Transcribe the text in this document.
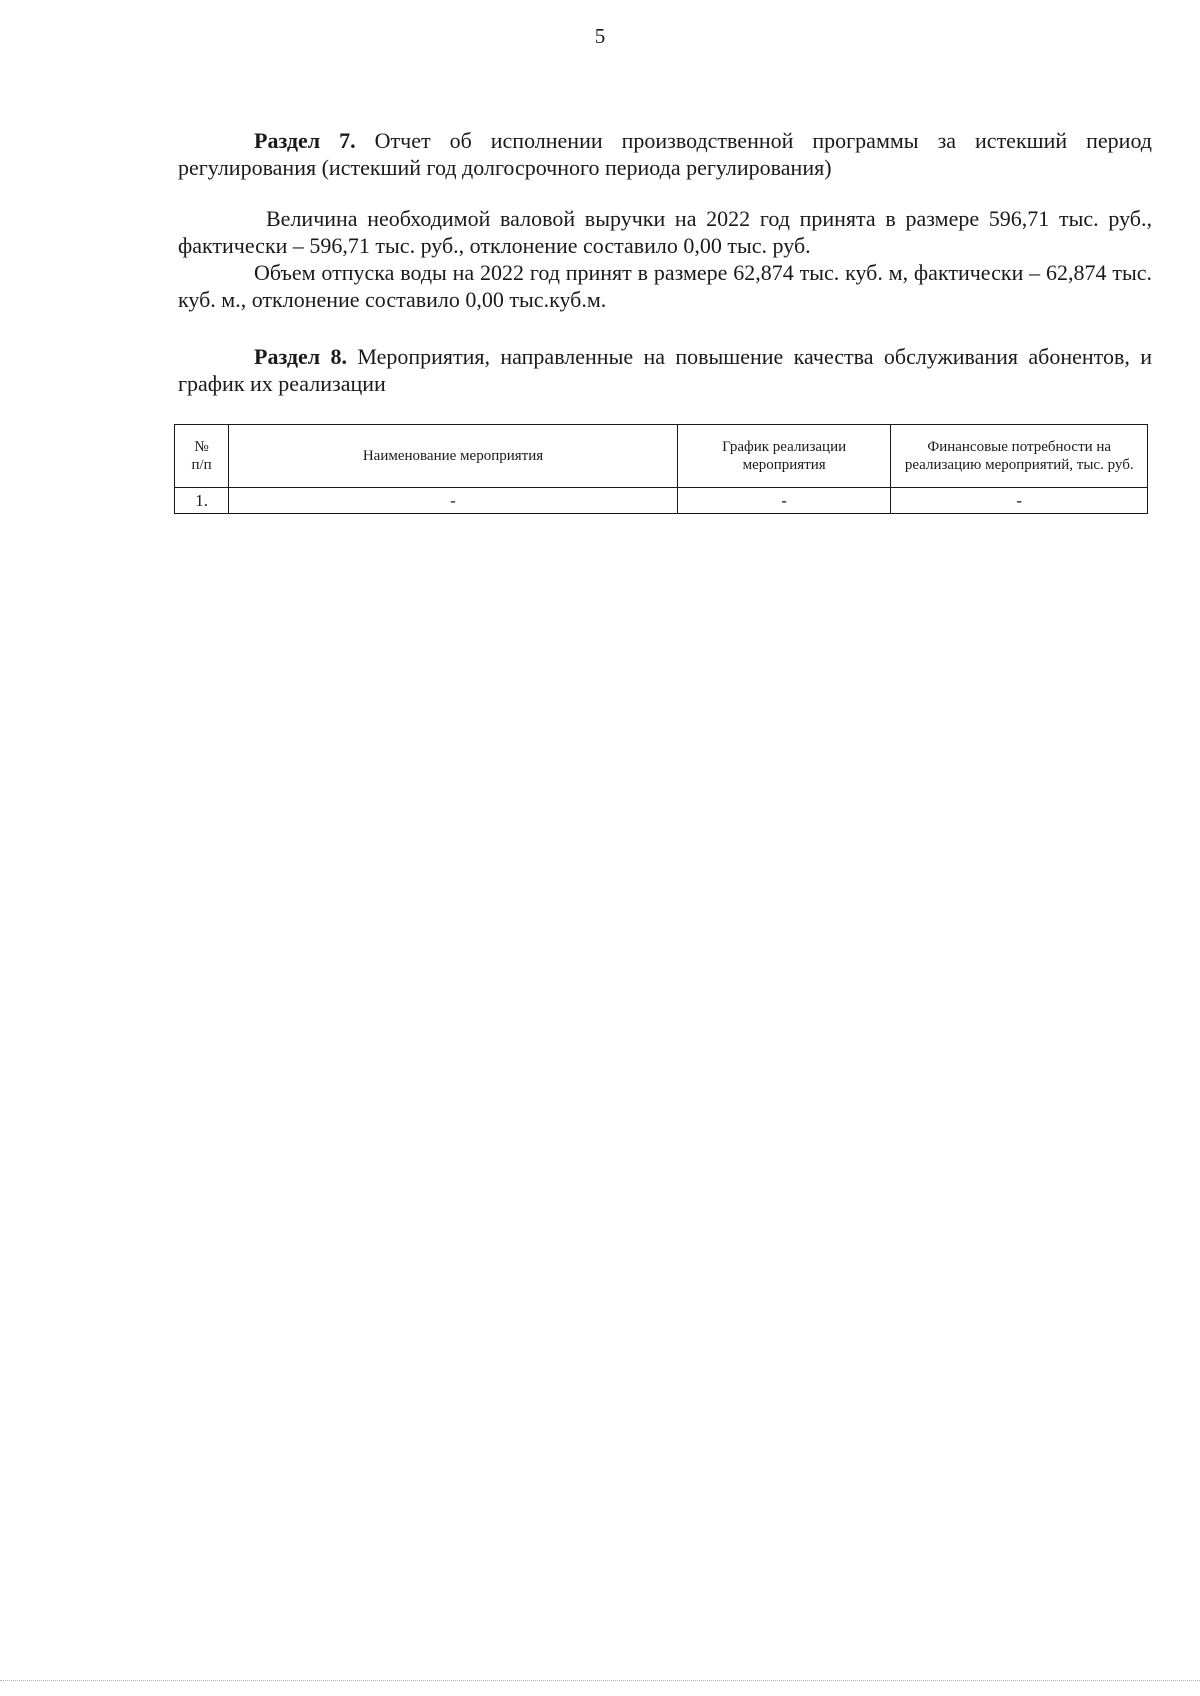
5

Раздел 7. Отчет об исполнении производственной программы за истекший период регулирования (истекший год долгосрочного периода регулирования)

Величина необходимой валовой выручки на 2022 год принята в размере 596,71 тыс. руб., фактически – 596,71 тыс. руб., отклонение составило 0,00 тыс. руб.

Объем отпуска воды на 2022 год принят в размере 62,874 тыс. куб. м, фактически – 62,874 тыс. куб. м., отклонение составило 0,00 тыс.куб.м.

Раздел 8. Мероприятия, направленные на повышение качества обслуживания абонентов, и график их реализации

№
п/п	Наименование мероприятия	График реализации мероприятия	Финансовые потребности на реализацию мероприятий, тыс. руб.
1.	-	-	-
